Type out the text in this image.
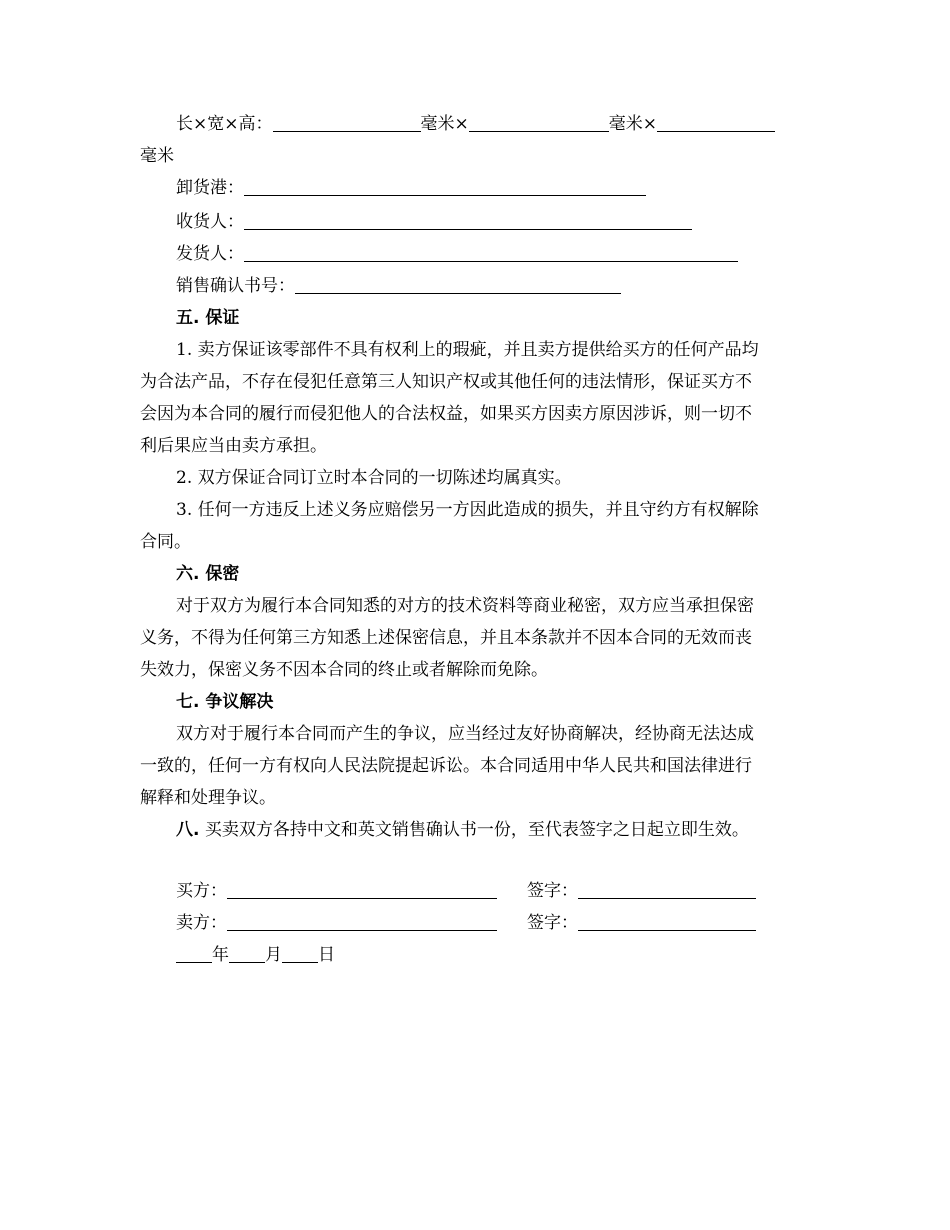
长×宽×高：	毫米×	毫米×
毫米
卸货港：
收货人：
发货人：
销售确认书号：
五. 保证
1. 卖方保证该零部件不具有权利上的瑕疵，并且卖方提供给买方的任何产品均
为合法产品，不存在侵犯任意第三人知识产权或其他任何的违法情形，保证买方不
会因为本合同的履行而侵犯他人的合法权益，如果买方因卖方原因涉诉，则一切不
利后果应当由卖方承担。
2. 双方保证合同订立时本合同的一切陈述均属真实。
3. 任何一方违反上述义务应赔偿另一方因此造成的损失，并且守约方有权解除
合同。
六. 保密
对于双方为履行本合同知悉的对方的技术资料等商业秘密，双方应当承担保密
义务，不得为任何第三方知悉上述保密信息，并且本条款并不因本合同的无效而丧
失效力，保密义务不因本合同的终止或者解除而免除。
七. 争议解决
双方对于履行本合同而产生的争议，应当经过友好协商解决，经协商无法达成
一致的，任何一方有权向人民法院提起诉讼。本合同适用中华人民共和国法律进行
解释和处理争议。
八. 买卖双方各持中文和英文销售确认书一份，至代表签字之日起立即生效。
买方：	签字：
卖方：	签字：
年 月 日
